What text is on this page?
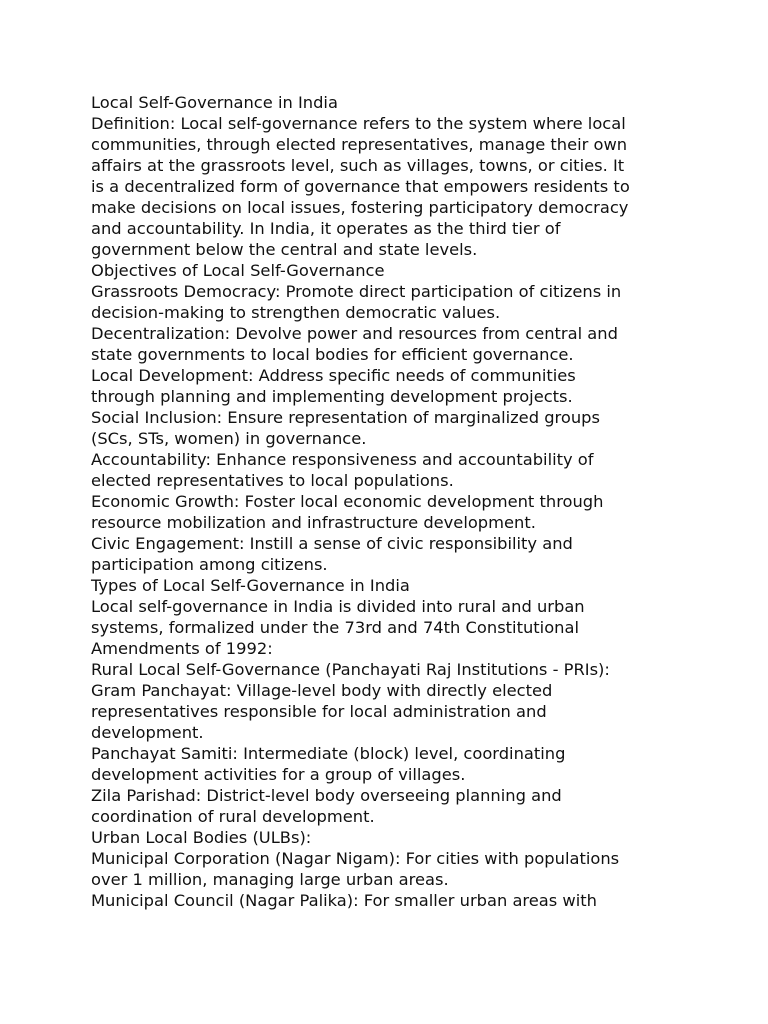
Local Self-Governance in India
Definition: Local self-governance refers to the system where local
communities, through elected representatives, manage their own
affairs at the grassroots level, such as villages, towns, or cities. It
is a decentralized form of governance that empowers residents to
make decisions on local issues, fostering participatory democracy
and accountability. In India, it operates as the third tier of
government below the central and state levels.
Objectives of Local Self-Governance
Grassroots Democracy: Promote direct participation of citizens in
decision-making to strengthen democratic values.
Decentralization: Devolve power and resources from central and
state governments to local bodies for efficient governance.
Local Development: Address specific needs of communities
through planning and implementing development projects.
Social Inclusion: Ensure representation of marginalized groups
(SCs, STs, women) in governance.
Accountability: Enhance responsiveness and accountability of
elected representatives to local populations.
Economic Growth: Foster local economic development through
resource mobilization and infrastructure development.
Civic Engagement: Instill a sense of civic responsibility and
participation among citizens.
Types of Local Self-Governance in India
Local self-governance in India is divided into rural and urban
systems, formalized under the 73rd and 74th Constitutional
Amendments of 1992:
Rural Local Self-Governance (Panchayati Raj Institutions - PRIs):
Gram Panchayat: Village-level body with directly elected
representatives responsible for local administration and
development.
Panchayat Samiti: Intermediate (block) level, coordinating
development activities for a group of villages.
Zila Parishad: District-level body overseeing planning and
coordination of rural development.
Urban Local Bodies (ULBs):
Municipal Corporation (Nagar Nigam): For cities with populations
over 1 million, managing large urban areas.
Municipal Council (Nagar Palika): For smaller urban areas with
